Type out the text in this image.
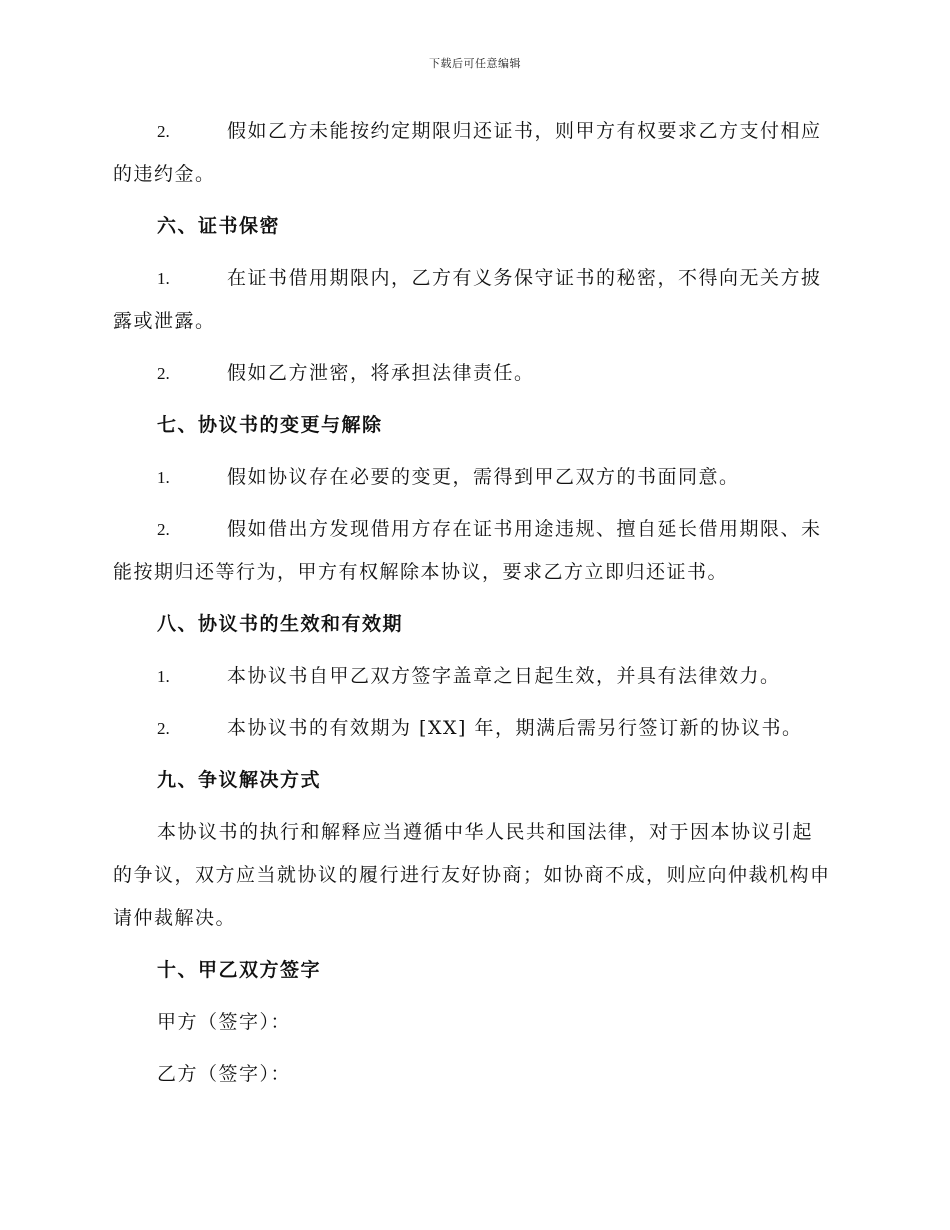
下载后可任意编辑

2.	假如乙方未能按约定期限归还证书，则甲方有权要求乙方支付相应的违约金。

六、证书保密

1.	在证书借用期限内，乙方有义务保守证书的秘密，不得向无关方披露或泄露。

2.	假如乙方泄密，将承担法律责任。

七、协议书的变更与解除

1.	假如协议存在必要的变更，需得到甲乙双方的书面同意。

2.	假如借出方发现借用方存在证书用途违规、擅自延长借用期限、未能按期归还等行为，甲方有权解除本协议，要求乙方立即归还证书。

八、协议书的生效和有效期

1.	本协议书自甲乙双方签字盖章之日起生效，并具有法律效力。

2.	本协议书的有效期为 [XX] 年，期满后需另行签订新的协议书。

九、争议解决方式

本协议书的执行和解释应当遵循中华人民共和国法律，对于因本协议引起的争议，双方应当就协议的履行进行友好协商；如协商不成，则应向仲裁机构申请仲裁解决。

十、甲乙双方签字

甲方（签字）：

乙方（签字）：
